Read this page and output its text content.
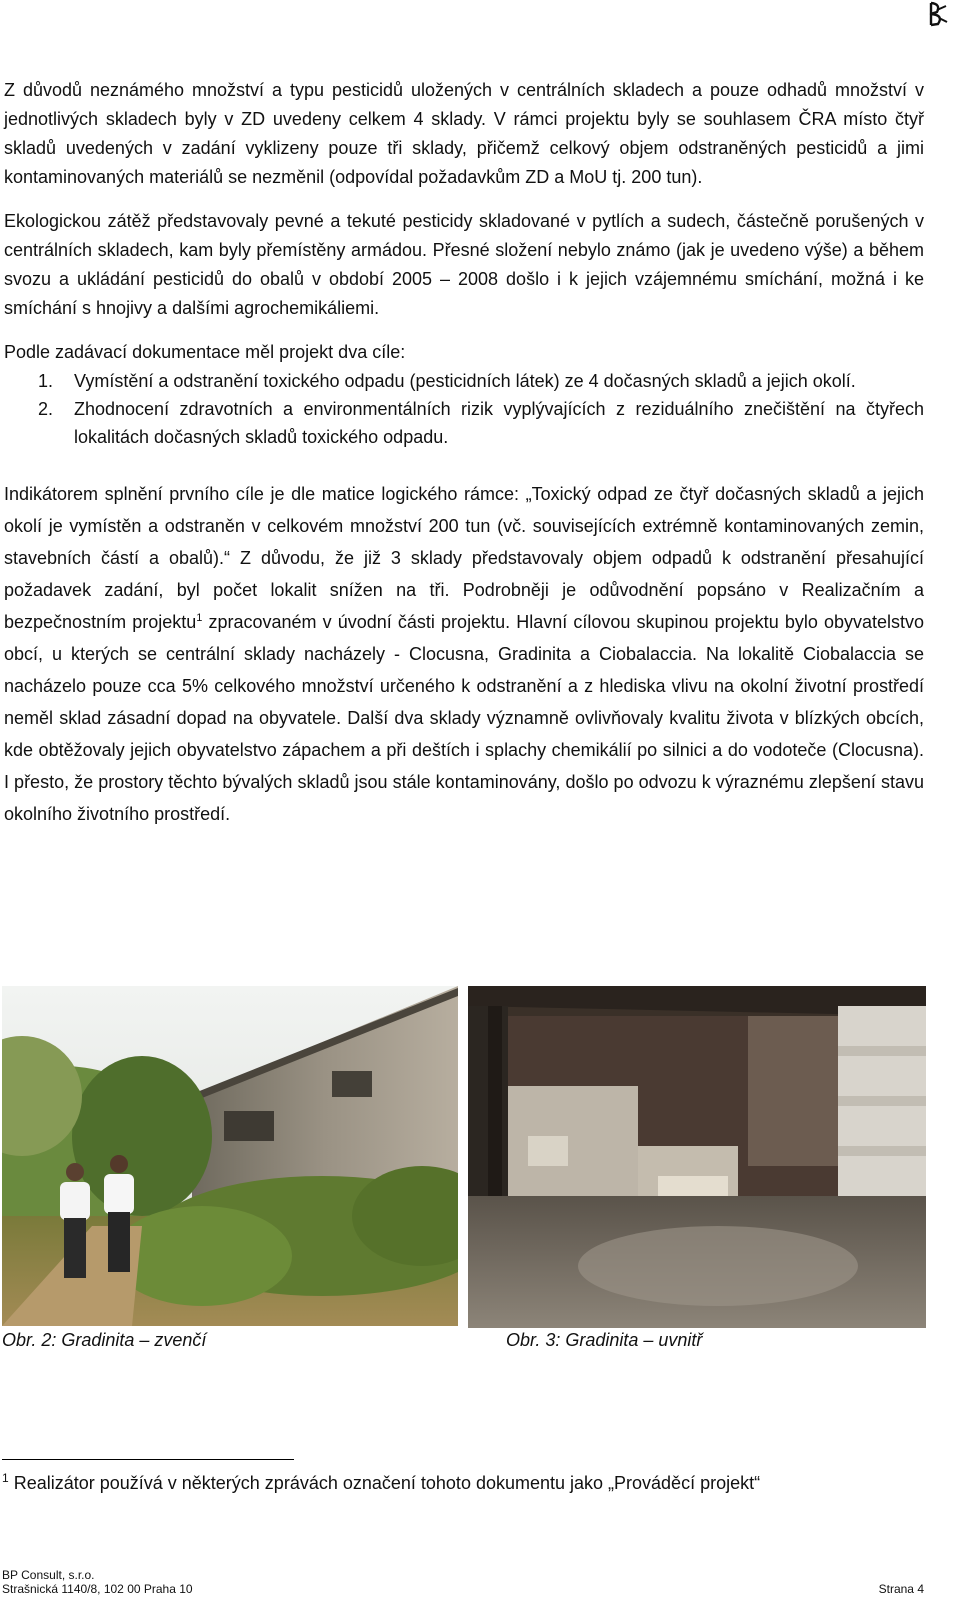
Z důvodů neznámého množství a typu pesticidů uložených v centrálních skladech a pouze odhadů množství v jednotlivých skladech byly v ZD uvedeny celkem 4 sklady. V rámci projektu byly se souhlasem ČRA místo čtyř skladů uvedených v zadání vyklizeny pouze tři sklady, přičemž celkový objem odstraněných pesticidů a jimi kontaminovaných materiálů se nezměnil (odpovídal požadavkům ZD a MoU tj. 200 tun).

Ekologickou zátěž představovaly pevné a tekuté pesticidy skladované v pytlích a sudech, částečně porušených v centrálních skladech, kam byly přemístěny armádou. Přesné složení nebylo známo (jak je uvedeno výše) a během svozu a ukládání pesticidů do obalů v období 2005 – 2008 došlo i k jejich vzájemnému smíchání, možná i ke smíchání s hnojivy a dalšími agrochemikáliemi.

Podle zadávací dokumentace měl projekt dva cíle:

1.	Vymístění a odstranění toxického odpadu (pesticidních látek) ze 4 dočasných skladů a jejich okolí.
2.	Zhodnocení zdravotních a environmentálních rizik vyplývajících z reziduálního znečištění na čtyřech lokalitách dočasných skladů toxického odpadu.

Indikátorem splnění prvního cíle je dle matice logického rámce: „Toxický odpad ze čtyř dočasných skladů a jejich okolí je vymístěn a odstraněn v celkovém množství 200 tun (vč. souvisejících extrémně kontaminovaných zemin, stavebních částí a obalů).“ Z důvodu, že již 3 sklady představovaly objem odpadů k odstranění přesahující požadavek zadání, byl počet lokalit snížen na tři. Podrobněji je odůvodnění popsáno v Realizačním a bezpečnostním projektu$^1$ zpracovaném v úvodní části projektu. Hlavní cílovou skupinou projektu bylo obyvatelstvo obcí, u kterých se centrální sklady nacházely - Clocusna, Gradinita a Ciobalaccia. Na lokalitě Ciobalaccia se nacházelo pouze cca 5% celkového množství určeného k odstranění a z hlediska vlivu na okolní životní prostředí neměl sklad zásadní dopad na obyvatele. Další dva sklady významně ovlivňovaly kvalitu života v blízkých obcích, kde obtěžovaly jejich obyvatelstvo zápachem a při deštích i splachy chemikálií po silnici a do vodoteče (Clocusna). I přesto, že prostory těchto bývalých skladů jsou stále kontaminovány, došlo po odvozu k výraznému zlepšení stavu okolního životního prostředí.

Obr. 2: Gradinita – zvenčí	Obr. 3: Gradinita – uvnitř
$^1$ Realizátor používá v některých zprávách označení tohoto dokumentu jako „Prováděcí projekt“
BP Consult, s.r.o.
Strašnická 1140/8, 102 00 Praha 10	Strana 4
